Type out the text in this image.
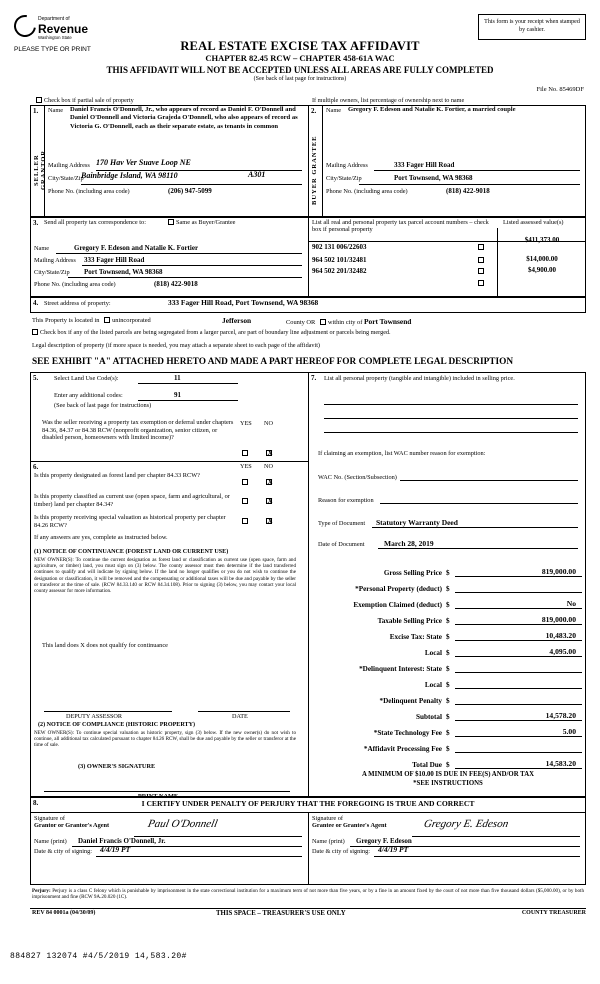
Department of
Revenue
Washington State
This form is your receipt when stamped by cashier.
PLEASE TYPE OR PRINT	REAL ESTATE EXCISE TAX AFFIDAVIT
CHAPTER 82.45 RCW – CHAPTER 458-61A WAC
THIS AFFIDAVIT WILL NOT BE ACCEPTED UNLESS ALL AREAS ARE FULLY COMPLETED
(See back of last page for instructions)
File No. 85469DF
Check box if partial sale of property	If multiple owners, list percentage of ownership next to name
1.	2.
SELLER GRANTOR	BUYER GRANTEE
Name Daniel Francis O'Donnell, Jr., who appears of record as Daniel F. O'Donnell and Daniel O'Donnell and Victoria Grajeda O'Donnell, who also appears of record as Victoria G. O'Donnell, each as their separate estate, as tenants in common
Mailing Address 170 Hav Ver Suave Loop NE
City/State/Zip
Bainbridge Island, WA 98110	A301
Phone No. (including area code)	(206) 947-5099
Name Gregory F. Edeson and Natalie K. Fortier, a married couple
Mailing Address	333 Fager Hill Road
City/State/Zip	Port Townsend, WA 98368
Phone No. (including area code)	(818) 422-9018
3. Send all property tax correspondence to:	Same as Buyer/Grantee	List all real and personal property tax parcel account numbers – check box if personal property
Listed assessed value(s)
Name	Gregory F. Edeson and Natalie K. Fortier
Mailing Address 333 Fager Hill Road
City/State/Zip Port Townsend, WA 98368
Phone No. (including area code)	(818) 422-9018
902 131 006/22603
$411,373.00
964 502 101/32481	$14,000.00
964 502 201/32482	$4,900.00
4. Street address of property:	333 Fager Hill Road, Port Townsend, WA 98368
This Property is located in unincorporated	Jefferson	County OR within city of Port Townsend
Check box if any of the listed parcels are being segregated from a larger parcel, are part of boundary line adjustment or parcels being merged.
Legal description of property (if more space is needed, you may attach a separate sheet to each page of the affidavit)
SEE EXHIBIT "A" ATTACHED HERETO AND MADE A PART HEREOF FOR COMPLETE LEGAL DESCRIPTION
5.	Select Land Use Code(s):	11
Enter any additional codes:	91
(See back of last page for instructions)
YES NO
Was the seller receiving a property tax exemption or deferral under chapters 84.36, 84.37 or 84.38 RCW (nonprofit organization, senior citizen, or disabled person, homeowners with limited income)?
X
6.	YES NO
Is this property designated as forest land per chapter 84.33 RCW?
X
Is this property classified as current use (open space, farm and agricultural, or timber) land per chapter 84.34?
X
Is this property receiving special valuation as historical property per chapter 84.26 RCW?
X
If any answers are yes, complete as instructed below.
(1) NOTICE OF CONTINUANCE (FOREST LAND OR CURRENT USE)
NEW OWNER(S): To continue the current designation as forest land or classification as current use (open space, farm and agriculture, or timber) land, you must sign on (3) below. The county assessor must then determine if the land transferred continues to qualify and will indicate by signing below. If the land no longer qualifies or you do not wish to continue the designation or classification, it will be removed and the compensating or additional taxes will be due and payable by the seller or transferor at the time of sale. (RCW 84.33.140 or RCW 84.34.108). Prior to signing (3) below, you may contact your local county assessor for more information.
This land does X does not qualify for continuance
DEPUTY ASSESSOR	DATE
(2) NOTICE OF COMPLIANCE (HISTORIC PROPERTY)
NEW OWNER(S): To continue special valuation as historic property, sign (3) below. If the new owner(s) do not wish to continue, all additional tax calculated pursuant to chapter 84.26 RCW, shall be due and payable by the seller or transferor at the time of sale.
(3) OWNER'S SIGNATURE
PRINT NAME
7. List all personal property (tangible and intangible) included in selling price.
If claiming an exemption, list WAC number reason for exemption:
WAC No. (Section/Subsection)
Reason for exemption
Type of Document Statutory Warranty Deed
Date of Document	March 28, 2019
Gross Selling Price $	819,000.00
*Personal Property (deduct) $
Exemption Claimed (deduct) $	No
Taxable Selling Price $	819,000.00
Excise Tax: State $	10,483.20
Local $	4,095.00
*Delinquent Interest: State $
Local $
*Delinquent Penalty $
Subtotal $	14,578.20
*State Technology Fee $	5.00
*Affidavit Processing Fee $
Total Due $	14,583.20
A MINIMUM OF $10.00 IS DUE IN FEE(S) AND/OR TAX
*SEE INSTRUCTIONS
8.	I CERTIFY UNDER PENALTY OF PERJURY THAT THE FOREGOING IS TRUE AND CORRECT
Signature of
Grantor or Grantor's Agent	Paul O'Donnell
Name (print) Daniel Francis O'Donnell, Jr.
Date & city of signing: 4/4/19 PT
Signature of
Grantee or Grantee's Agent	Gregory E. Edeson
Name (print) Gregory F. Edeson
Date & city of signing: 4/4/19 PT
Perjury: Perjury is a class C felony which is punishable by imprisonment in the state correctional institution for a maximum term of not more than five years, or by a fine in an amount fixed by the court of not more than five thousand dollars ($5,000.00), or by both imprisonment and fine (RCW 9A.20.020 (1C).
REV 84 0001a (04/30/09)	THIS SPACE – TREASURER'S USE ONLY	COUNTY TREASURER
884827 132074 #4/5/2019 14,583.20#
